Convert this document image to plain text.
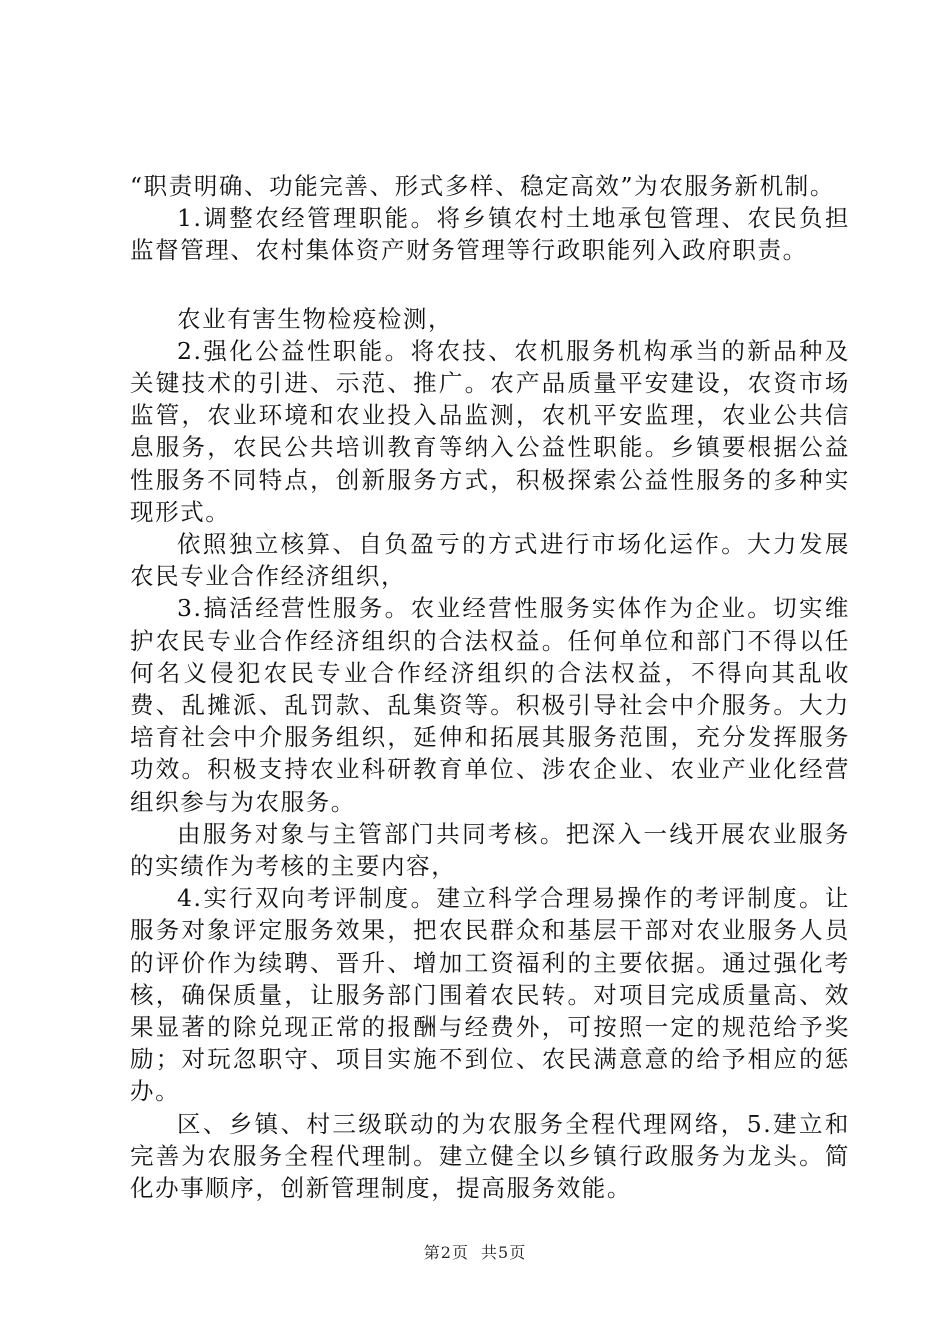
“职责明确、功能完善、形式多样、稳定高效”为农服务新机制。

1.调整农经管理职能。将乡镇农村土地承包管理、农民负担监督管理、农村集体资产财务管理等行政职能列入政府职责。

农业有害生物检疫检测，

2.强化公益性职能。将农技、农机服务机构承当的新品种及关键技术的引进、示范、推广。农产品质量平安建设，农资市场监管，农业环境和农业投入品监测，农机平安监理，农业公共信息服务，农民公共培训教育等纳入公益性职能。乡镇要根据公益性服务不同特点，创新服务方式，积极探索公益性服务的多种实现形式。

依照独立核算、自负盈亏的方式进行市场化运作。大力发展农民专业合作经济组织，

3.搞活经营性服务。农业经营性服务实体作为企业。切实维护农民专业合作经济组织的合法权益。任何单位和部门不得以任何名义侵犯农民专业合作经济组织的合法权益，不得向其乱收费、乱摊派、乱罚款、乱集资等。积极引导社会中介服务。大力培育社会中介服务组织，延伸和拓展其服务范围，充分发挥服务功效。积极支持农业科研教育单位、涉农企业、农业产业化经营组织参与为农服务。

由服务对象与主管部门共同考核。把深入一线开展农业服务的实绩作为考核的主要内容，

4.实行双向考评制度。建立科学合理易操作的考评制度。让服务对象评定服务效果，把农民群众和基层干部对农业服务人员的评价作为续聘、晋升、增加工资福利的主要依据。通过强化考核，确保质量，让服务部门围着农民转。对项目完成质量高、效果显著的除兑现正常的报酬与经费外，可按照一定的规范给予奖励；对玩忽职守、项目实施不到位、农民满意意的给予相应的惩办。

区、乡镇、村三级联动的为农服务全程代理网络，5.建立和完善为农服务全程代理制。建立健全以乡镇行政服务为龙头。简化办事顺序，创新管理制度，提高服务效能。

第2页 共5页
